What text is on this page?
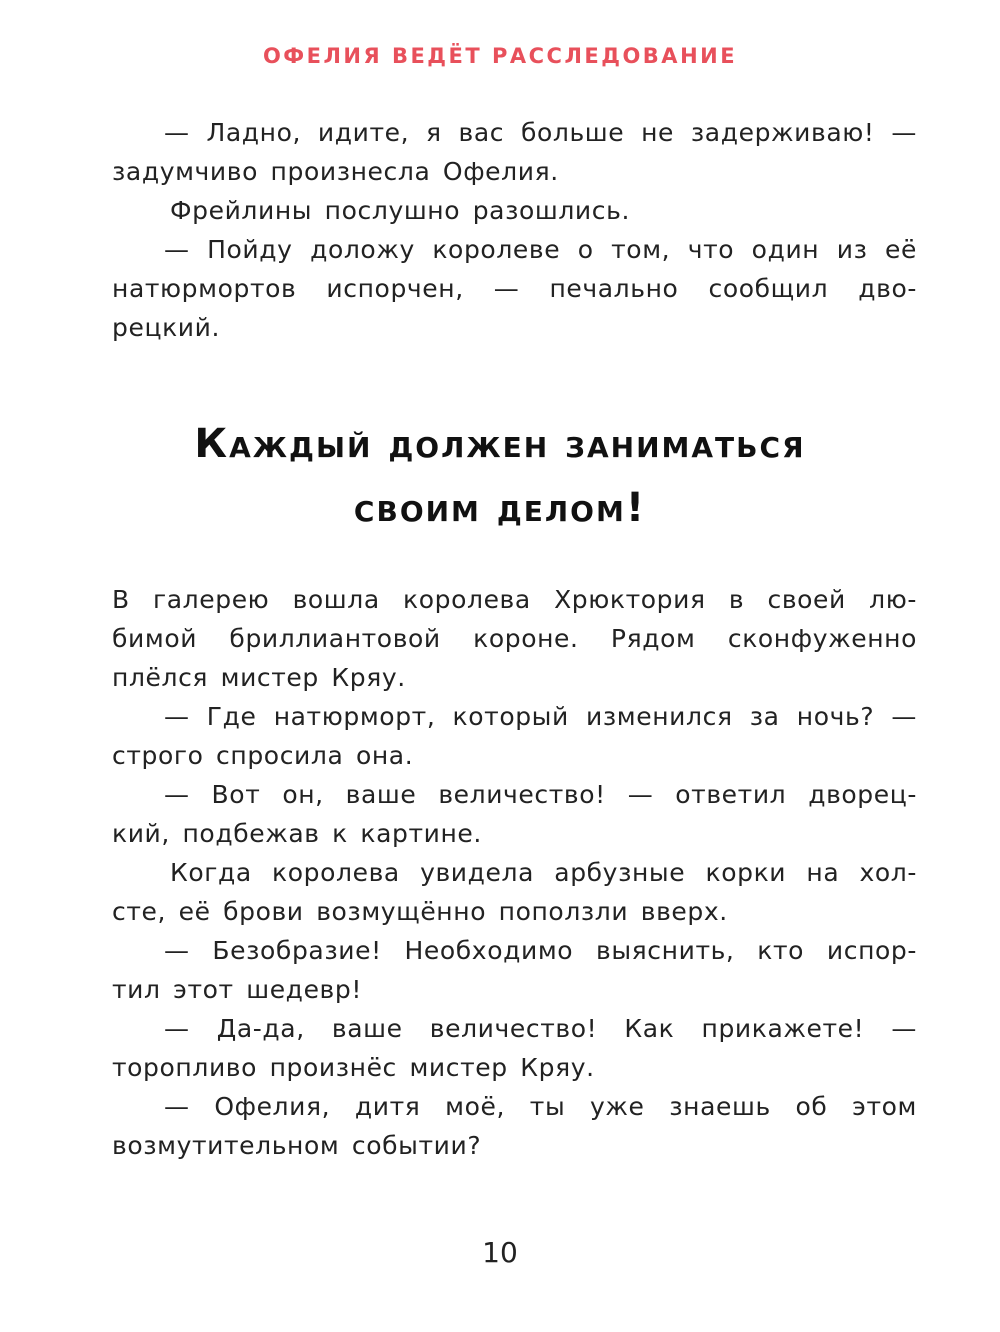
ОФЕЛИЯ ВЕДЁТ РАССЛЕДОВАНИЕ

— Ладно, идите, я вас больше не задерживаю! —
задумчиво произнесла Офелия.

Фрейлины послушно разошлись.

— Пойду доложу королеве о том, что один из её
натюрмортов испорчен, — печально сообщил дво-
рецкий.

Каждый должен заниматься
своим делом!

В галерею вошла королева Хрюктория в своей лю-
бимой бриллиантовой короне. Рядом сконфуженно
плёлся мистер Кряу.

— Где натюрморт, который изменился за ночь? —
строго спросила она.

— Вот он, ваше величество! — ответил дворец-
кий, подбежав к картине.

Когда королева увидела арбузные корки на хол-
сте, её брови возмущённо поползли вверх.

— Безобразие! Необходимо выяснить, кто испор-
тил этот шедевр!

— Да-да, ваше величество! Как прикажете! —
торопливо произнёс мистер Кряу.

— Офелия, дитя моё, ты уже знаешь об этом
возмутительном событии?

10
